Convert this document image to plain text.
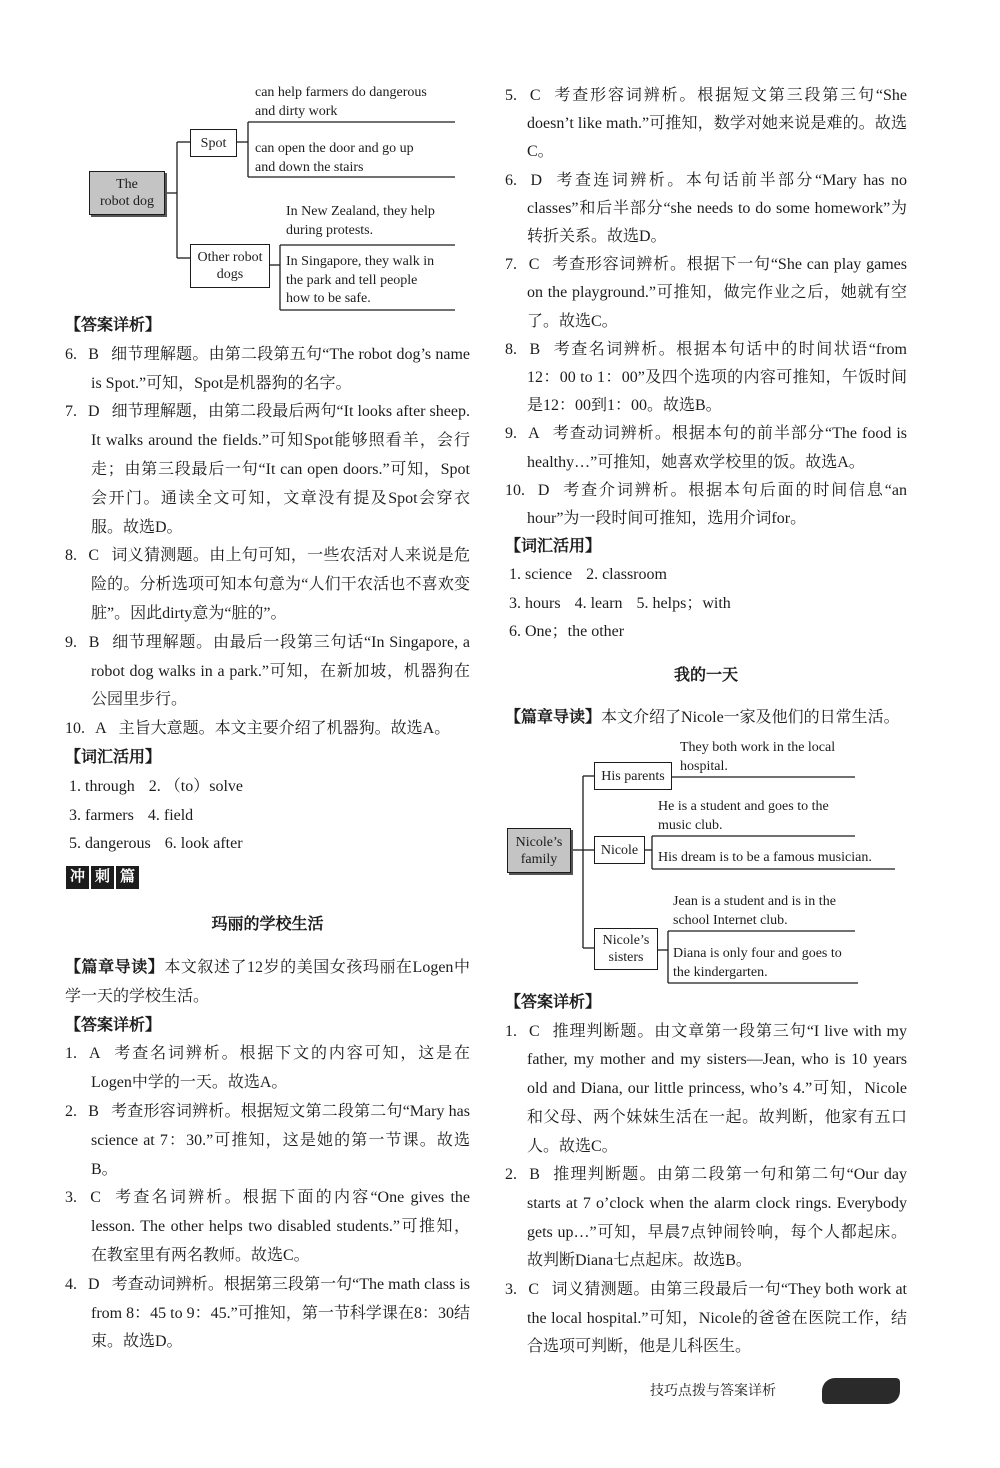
The
robot dog
Spot
can help farmers do dangerous
and dirty work
can open the door and go up
and down the stairs
Other robot
dogs
In New Zealand, they help
during protests.
In Singapore, they walk in
the park and tell people
how to be safe.

【答案详析】

6. B 细节理解题。由第二段第五句“The robot dog’s name is Spot.”可知，Spot是机器狗的名字。

7. D 细节理解题，由第二段最后两句“It looks after sheep. It walks around the fields.”可知Spot能够照看羊，会行走；由第三段最后一句“It can open doors.”可知，Spot会开门。通读全文可知，文章没有提及Spot会穿衣服。故选D。

8. C 词义猜测题。由上句可知，一些农活对人来说是危险的。分析选项可知本句意为“人们干农活也不喜欢变脏”。因此dirty意为“脏的”。

9. B 细节理解题。由最后一段第三句话“In Singapore, a robot dog walks in a park.”可知，在新加坡，机器狗在公园里步行。

10. A 主旨大意题。本文主要介绍了机器狗。故选A。

【词汇活用】

1. through 2. （to）solve

3. farmers 4. field

5. dangerous 6. look after

冲 刺 篇
玛丽的学校生活

【篇章导读】本文叙述了12岁的美国女孩玛丽在Logen中学一天的学校生活。

【答案详析】

1. A 考查名词辨析。根据下文的内容可知，这是在Logen中学的一天。故选A。

2. B 考查形容词辨析。根据短文第二段第二句“Mary has science at 7：30.”可推知，这是她的第一节课。故选B。

3. C 考查名词辨析。根据下面的内容“One gives the lesson. The other helps two disabled students.”可推知，在教室里有两名教师。故选C。

4. D 考查动词辨析。根据第三段第一句“The math class is from 8：45 to 9：45.”可推知，第一节科学课在8：30结束。故选D。

5. C 考查形容词辨析。根据短文第三段第三句“She doesn’t like math.”可推知，数学对她来说是难的。故选C。

6. D 考查连词辨析。本句话前半部分“Mary has no classes”和后半部分“she needs to do some homework”为转折关系。故选D。

7. C 考查形容词辨析。根据下一句“She can play games on the playground.”可推知，做完作业之后，她就有空了。故选C。

8. B 考查名词辨析。根据本句话中的时间状语“from 12：00 to 1：00”及四个选项的内容可推知，午饭时间是12：00到1：00。故选B。

9. A 考查动词辨析。根据本句的前半部分“The food is healthy…”可推知，她喜欢学校里的饭。故选A。

10. D 考查介词辨析。根据本句后面的时间信息“an hour”为一段时间可推知，选用介词for。

【词汇活用】

1. science 2. classroom

3. hours 4. learn 5. helps；with

6. One；the other

我的一天

【篇章导读】本文介绍了Nicole一家及他们的日常生活。

Nicole’s
family
His parents
They both work in the local
hospital.
Nicole
He is a student and goes to the
music club.
His dream is to be a famous musician.
Nicole’s
sisters
Jean is a student and is in the
school Internet club.
Diana is only four and goes to
the kindergarten.

【答案详析】

1. C 推理判断题。由文章第一段第三句“I live with my father, my mother and my sisters—Jean, who is 10 years old and Diana, our little princess, who’s 4.”可知，Nicole和父母、两个妹妹生活在一起。故判断，他家有五口人。故选C。

2. B 推理判断题。由第二段第一句和第二句“Our day starts at 7 o’clock when the alarm clock rings. Everybody gets up…”可知，早晨7点钟闹铃响，每个人都起床。故判断Diana七点起床。故选B。

3. C 词义猜测题。由第三段最后一句“They both work at the local hospital.”可知，Nicole的爸爸在医院工作，结合选项可判断，他是儿科医生。

技巧点拨与答案详析
